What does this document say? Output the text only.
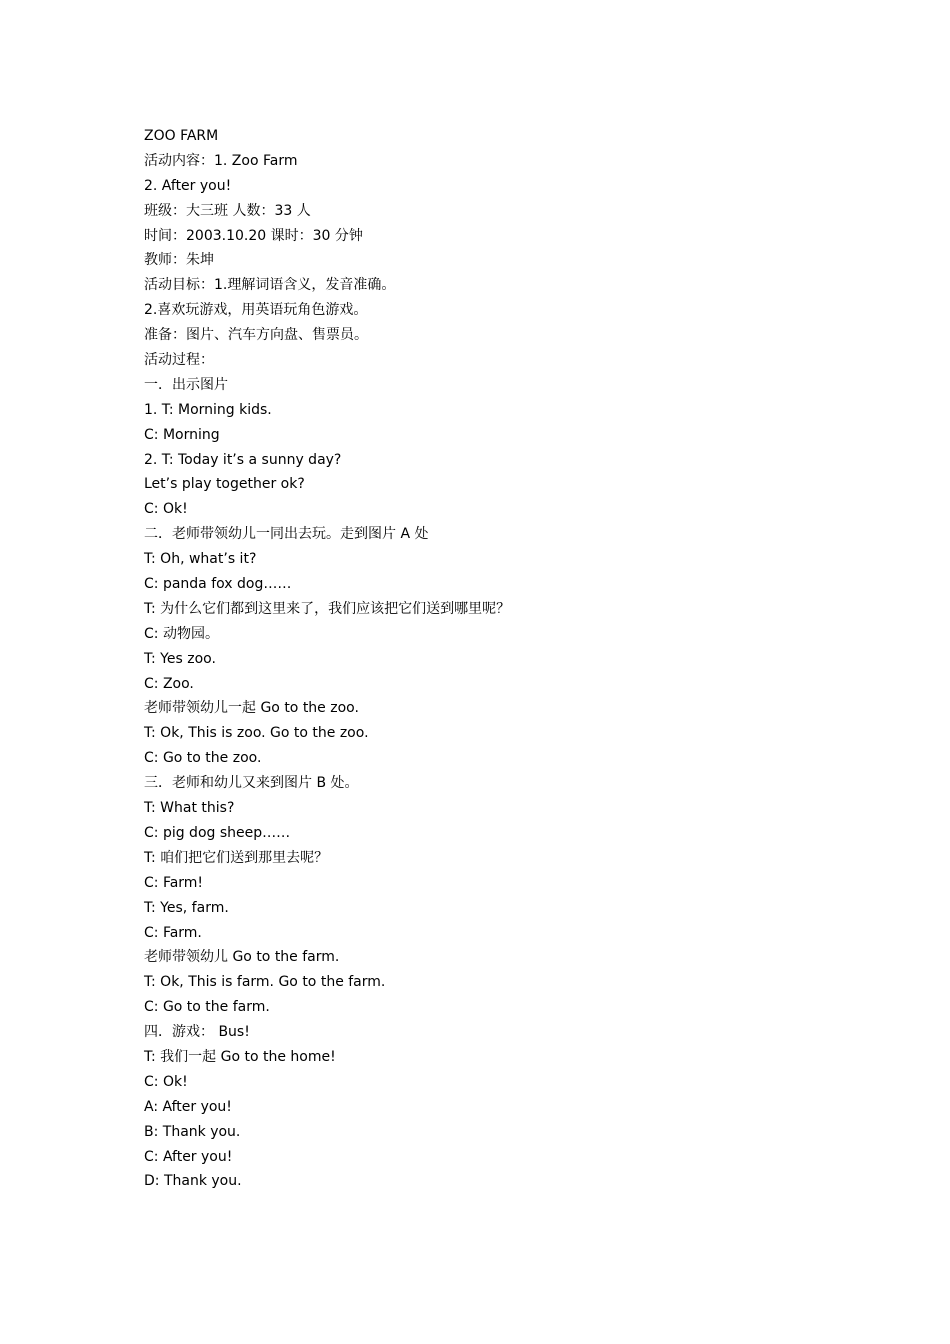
ZOO FARM
活动内容：1. Zoo Farm
2. After you!
班级：大三班 人数：33 人
时间：2003.10.20 课时：30 分钟
教师：朱坤
活动目标：1.理解词语含义，发音准确。
2.喜欢玩游戏，用英语玩角色游戏。
准备：图片、汽车方向盘、售票员。
活动过程：
一．出示图片
1. T: Morning kids.
C: Morning
2. T: Today it’s a sunny day?
Let’s play together ok?
C: Ok!
二．老师带领幼儿一同出去玩。走到图片 A 处
T: Oh, what’s it?
C: panda fox dog……
T: 为什么它们都到这里来了，我们应该把它们送到哪里呢？
C: 动物园。
T: Yes zoo.
C: Zoo.
老师带领幼儿一起 Go to the zoo.
T: Ok, This is zoo. Go to the zoo.
C: Go to the zoo.
三．老师和幼儿又来到图片 B 处。
T: What this?
C: pig dog sheep……
T: 咱们把它们送到那里去呢？
C: Farm!
T: Yes, farm.
C: Farm.
老师带领幼儿 Go to the farm.
T: Ok, This is farm. Go to the farm.
C: Go to the farm.
四．游戏： Bus!
T: 我们一起 Go to the home!
C: Ok!
A: After you!
B: Thank you.
C: After you!
D: Thank you.
